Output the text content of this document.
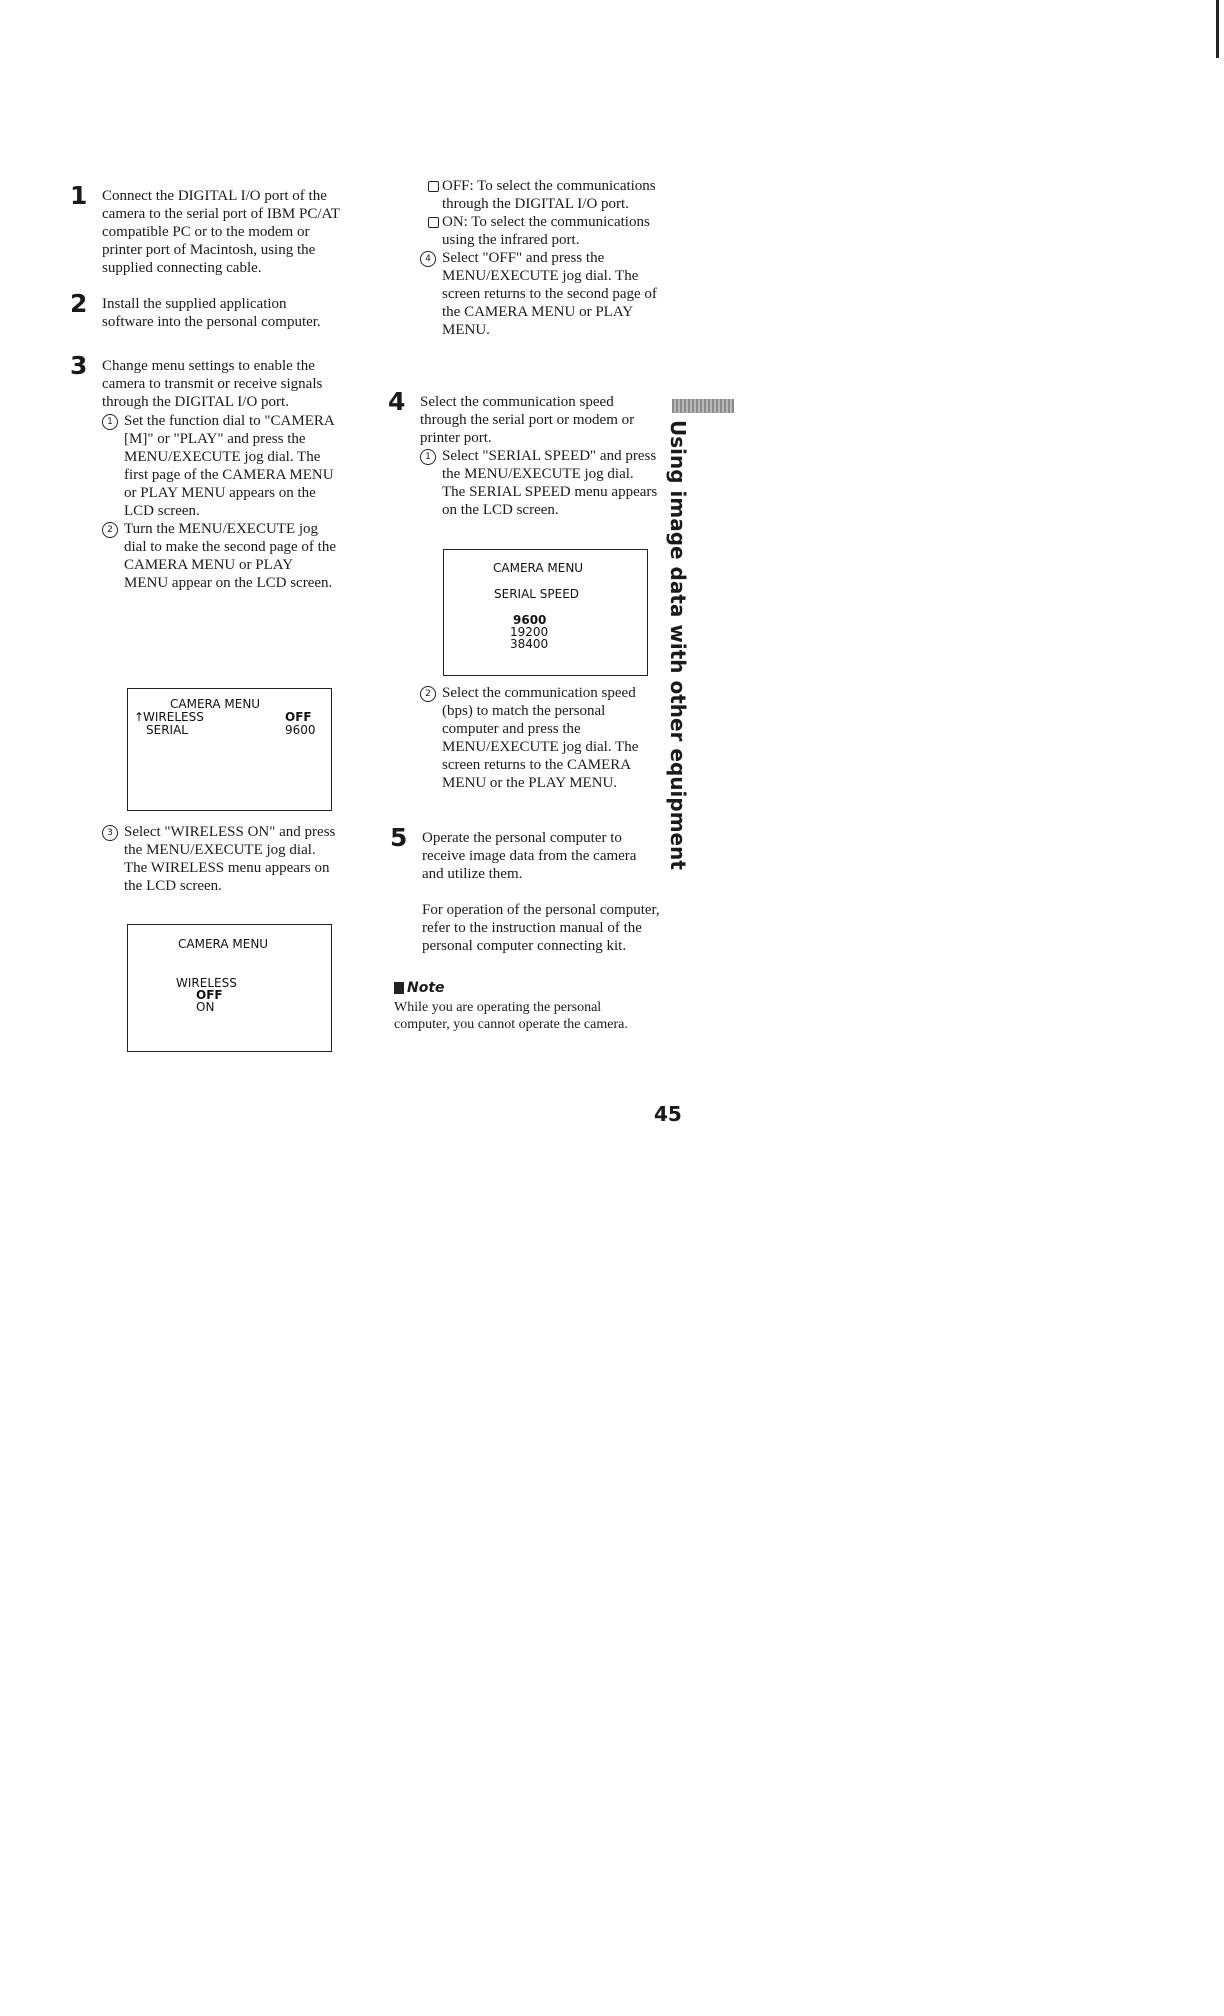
1 Connect the DIGITAL I/O port of the camera to the serial port of IBM PC/AT compatible PC or to the modem or printer port of Macintosh, using the supplied connecting cable.
2 Install the supplied application software into the personal computer.
3 Change menu settings to enable the camera to transmit or receive signals through the DIGITAL I/O port.
1 Set the function dial to "CAMERA [M]" or "PLAY" and press the MENU/EXECUTE jog dial. The first page of the CAMERA MENU or PLAY MENU appears on the LCD screen.
2 Turn the MENU/EXECUTE jog dial to make the second page of the CAMERA MENU or PLAY MENU appear on the LCD screen.
CAMERA MENU
↑
WIRELESS	OFF
SERIAL	9600
3 Select "WIRELESS ON" and press the MENU/EXECUTE jog dial. The WIRELESS menu appears on the LCD screen.
CAMERA MENU
WIRELESS
OFF
ON
OFF: To select the communications through the DIGITAL I/O port.
ON: To select the communications using the infrared port.
4 Select "OFF" and press the MENU/EXECUTE jog dial. The screen returns to the second page of the CAMERA MENU or PLAY MENU.
4 Select the communication speed through the serial port or modem or printer port.
1 Select "SERIAL SPEED" and press the MENU/EXECUTE jog dial. The SERIAL SPEED menu appears on the LCD screen.
CAMERA MENU
SERIAL SPEED
9600
19200
38400
2 Select the communication speed (bps) to match the personal computer and press the MENU/EXECUTE jog dial. The screen returns to the CAMERA MENU or the PLAY MENU.
5 Operate the personal computer to receive image data from the camera and utilize them.
For operation of the personal computer, refer to the instruction manual of the personal computer connecting kit.
Note
While you are operating the personal computer, you cannot operate the camera.
Using image data with other equipment
45
